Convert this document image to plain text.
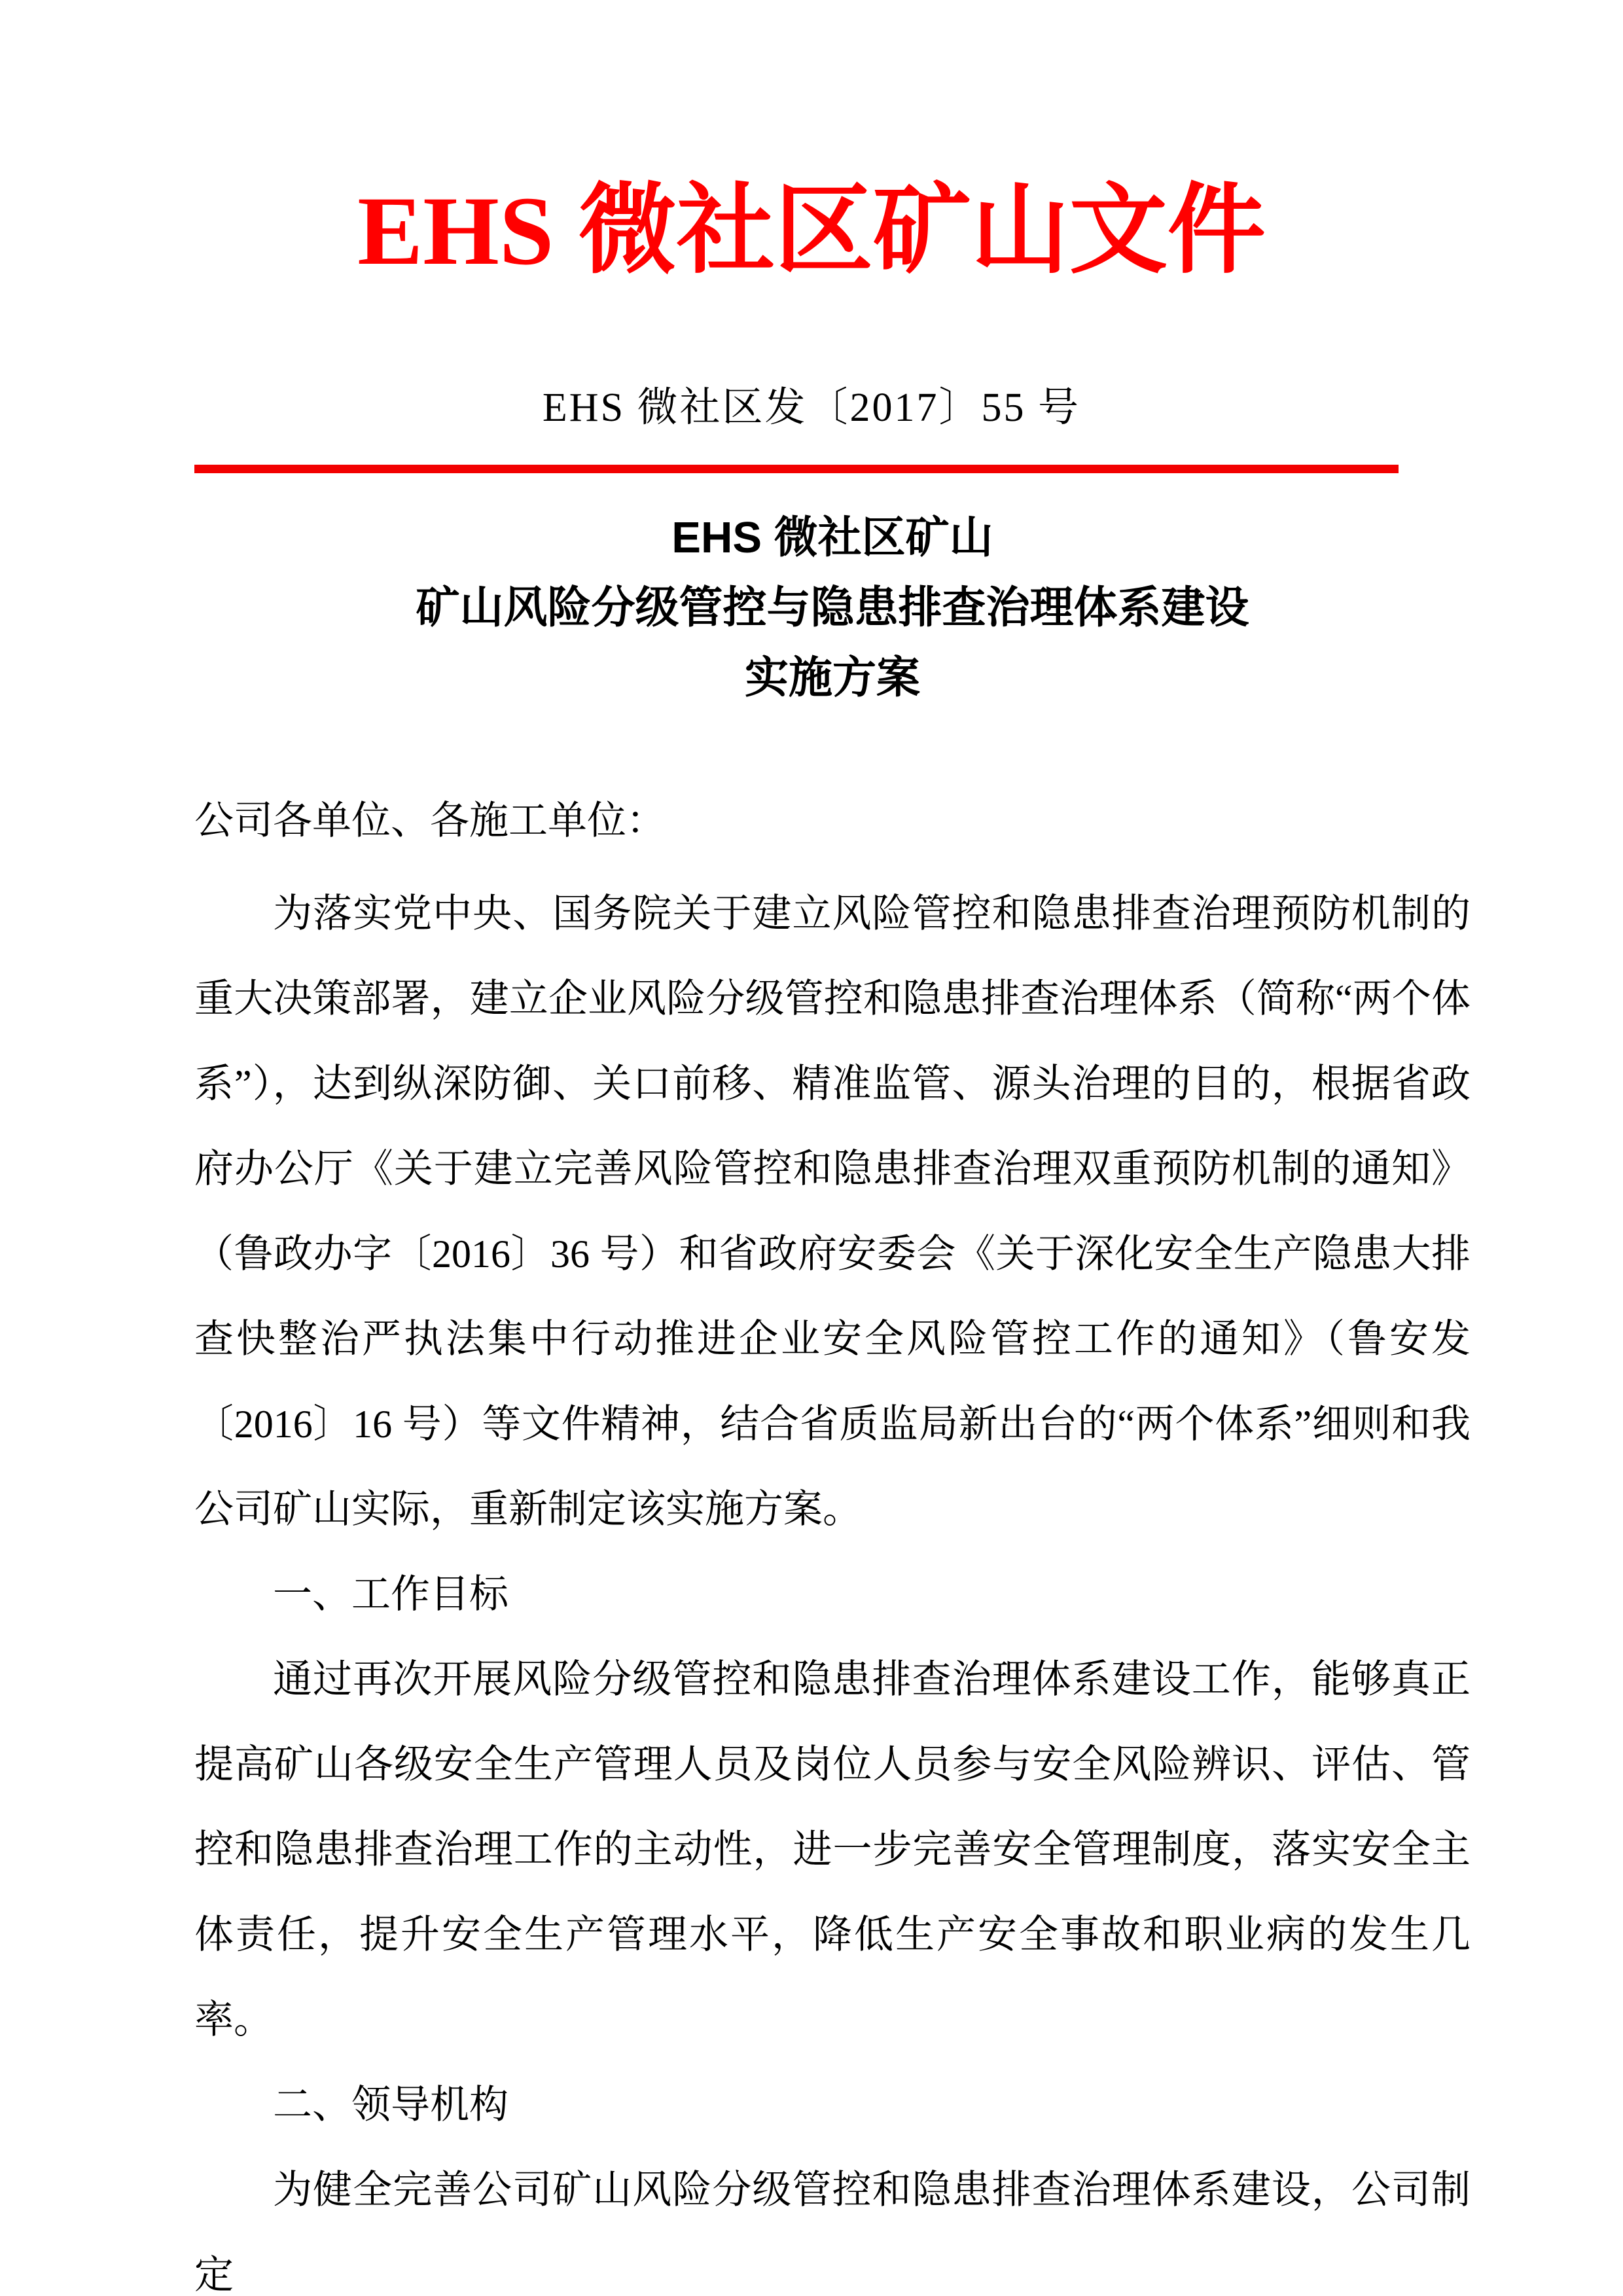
EHS 微社区矿山文件
EHS 微社区发〔2017〕55 号
EHS 微社区矿山
矿山风险分级管控与隐患排查治理体系建设
实施方案

公司各单位、各施工单位：

为落实党中央、国务院关于建立风险管控和隐患排查治理预防机制的重大决策部署，建立企业风险分级管控和隐患排查治理体系（简称“两个体系”），达到纵深防御、关口前移、精准监管、源头治理的目的，根据省政府办公厅《关于建立完善风险管控和隐患排查治理双重预防机制的通知》（鲁政办字〔2016〕36 号）和省政府安委会《关于深化安全生产隐患大排查快整治严执法集中行动推进企业安全风险管控工作的通知》（鲁安发〔2016〕16 号）等文件精神，结合省质监局新出台的“两个体系”细则和我公司矿山实际，重新制定该实施方案。

一、工作目标

通过再次开展风险分级管控和隐患排查治理体系建设工作，能够真正提高矿山各级安全生产管理人员及岗位人员参与安全风险辨识、评估、管控和隐患排查治理工作的主动性，进一步完善安全管理制度，落实安全主体责任，提升安全生产管理水平，降低生产安全事故和职业病的发生几率。

二、领导机构

为健全完善公司矿山风险分级管控和隐患排查治理体系建设，公司制定
